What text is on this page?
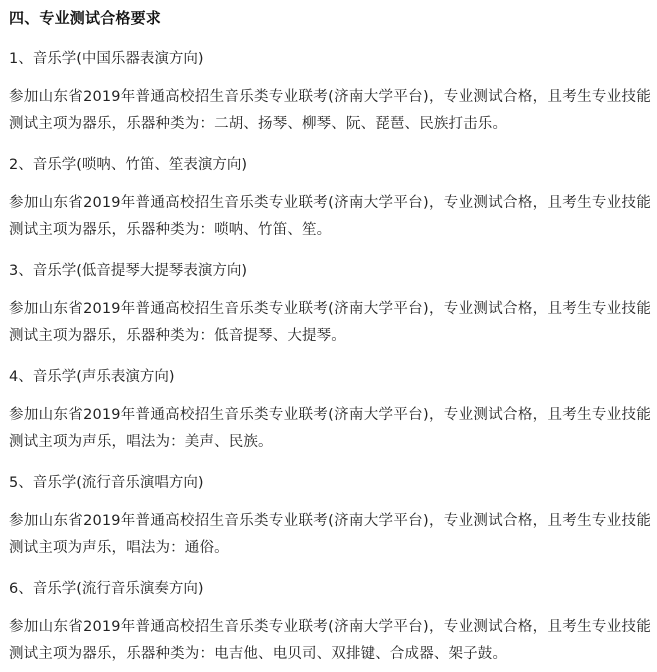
四、专业测试合格要求
1、音乐学(中国乐器表演方向)
参加山东省2019年普通高校招生音乐类专业联考(济南大学平台)，专业测试合格，且考生专业技能测试主项为器乐，乐器种类为：二胡、扬琴、柳琴、阮、琵琶、民族打击乐。
2、音乐学(唢呐、竹笛、笙表演方向)
参加山东省2019年普通高校招生音乐类专业联考(济南大学平台)，专业测试合格，且考生专业技能测试主项为器乐，乐器种类为：唢呐、竹笛、笙。
3、音乐学(低音提琴大提琴表演方向)
参加山东省2019年普通高校招生音乐类专业联考(济南大学平台)，专业测试合格，且考生专业技能测试主项为器乐，乐器种类为：低音提琴、大提琴。
4、音乐学(声乐表演方向)
参加山东省2019年普通高校招生音乐类专业联考(济南大学平台)，专业测试合格，且考生专业技能测试主项为声乐，唱法为：美声、民族。
5、音乐学(流行音乐演唱方向)
参加山东省2019年普通高校招生音乐类专业联考(济南大学平台)，专业测试合格，且考生专业技能测试主项为声乐，唱法为：通俗。
6、音乐学(流行音乐演奏方向)
参加山东省2019年普通高校招生音乐类专业联考(济南大学平台)，专业测试合格，且考生专业技能测试主项为器乐，乐器种类为：电吉他、电贝司、双排键、合成器、架子鼓。
